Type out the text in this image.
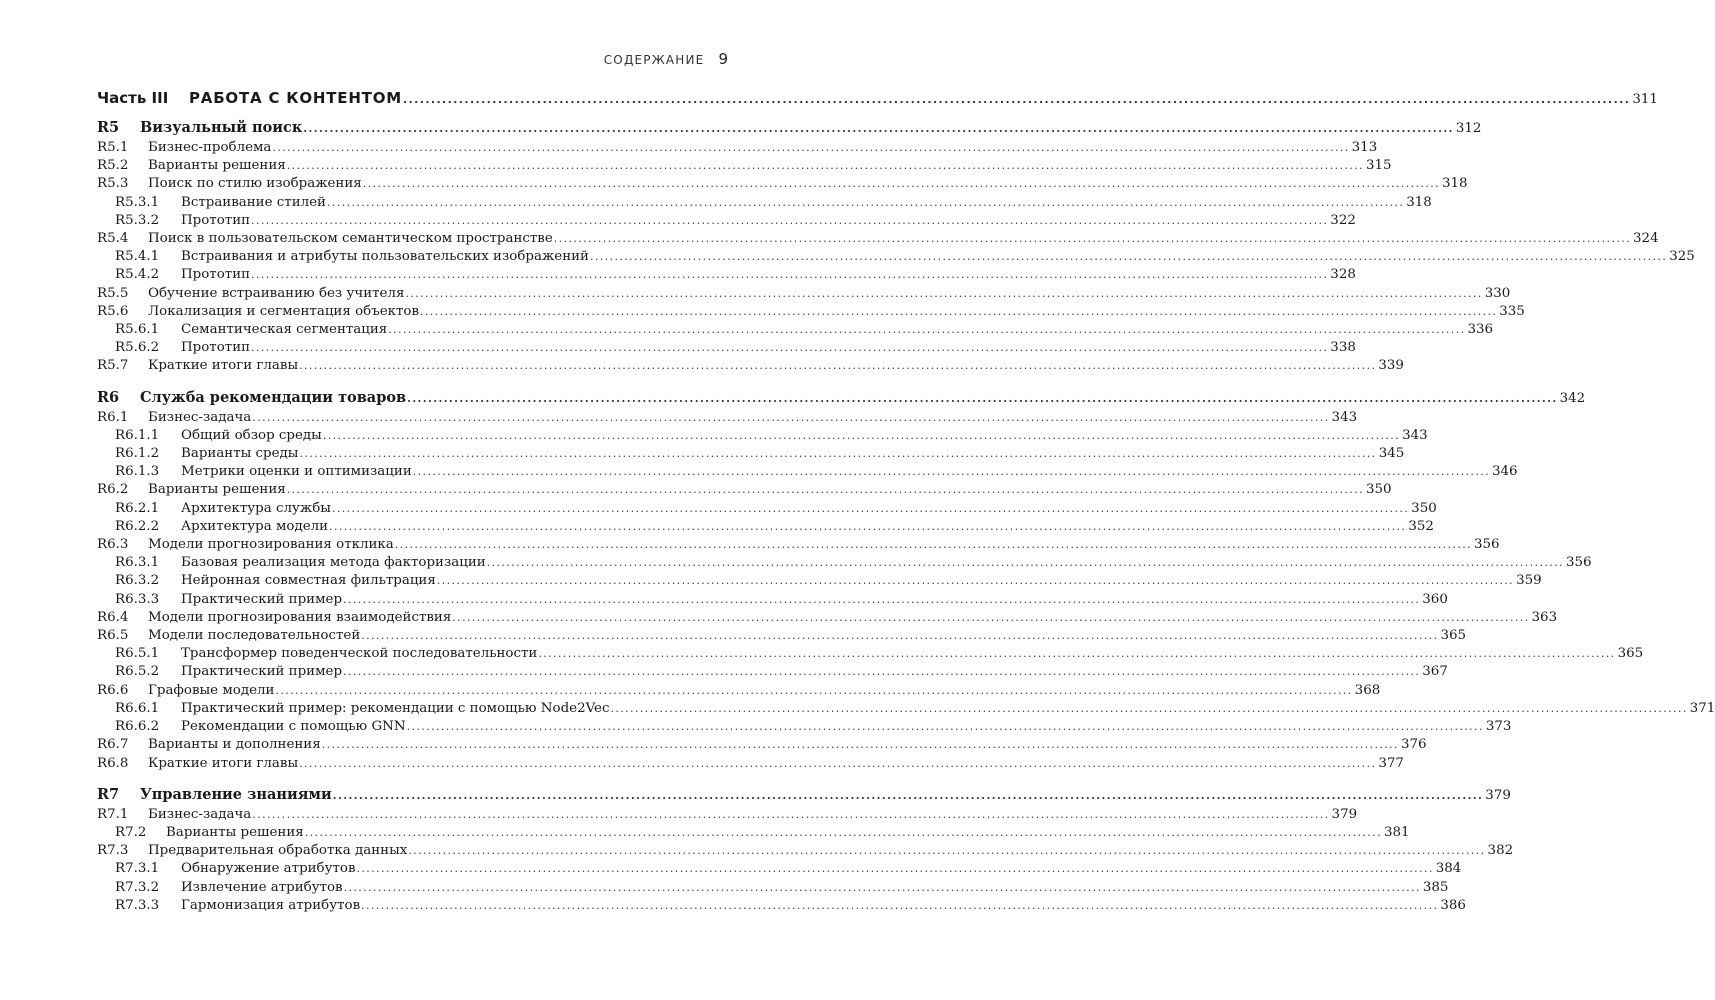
СОДЕРЖАНИЕ 9
Часть III	РАБОТА С КОНТЕНТОМ ............................................................................................................................................................................................................................ 311
R5	Визуальный поиск ............................................................................................................................................................................................................................ 312
R5.1	Бизнес-проблема ............................................................................................................................................................................................................................ 313
R5.2	Варианты решения ............................................................................................................................................................................................................................ 315
R5.3	Поиск по стилю изображения ............................................................................................................................................................................................................................ 318
R5.3.1	Встраивание стилей ............................................................................................................................................................................................................................ 318
R5.3.2	Прототип ............................................................................................................................................................................................................................ 322
R5.4	Поиск в пользовательском семантическом пространстве ............................................................................................................................................................................................................................ 324
R5.4.1	Встраивания и атрибуты пользовательских изображений ............................................................................................................................................................................................................................ 325
R5.4.2	Прототип ............................................................................................................................................................................................................................ 328
R5.5	Обучение встраиванию без учителя ............................................................................................................................................................................................................................ 330
R5.6	Локализация и сегментация объектов ............................................................................................................................................................................................................................ 335
R5.6.1	Семантическая сегментация ............................................................................................................................................................................................................................ 336
R5.6.2	Прототип ............................................................................................................................................................................................................................ 338
R5.7	Краткие итоги главы ............................................................................................................................................................................................................................ 339
R6	Служба рекомендации товаров ............................................................................................................................................................................................................................ 342
R6.1	Бизнес-задача ............................................................................................................................................................................................................................ 343
R6.1.1	Общий обзор среды ............................................................................................................................................................................................................................ 343
R6.1.2	Варианты среды ............................................................................................................................................................................................................................ 345
R6.1.3	Метрики оценки и оптимизации ............................................................................................................................................................................................................................ 346
R6.2	Варианты решения ............................................................................................................................................................................................................................ 350
R6.2.1	Архитектура службы ............................................................................................................................................................................................................................ 350
R6.2.2	Архитектура модели ............................................................................................................................................................................................................................ 352
R6.3	Модели прогнозирования отклика ............................................................................................................................................................................................................................ 356
R6.3.1	Базовая реализация метода факторизации ............................................................................................................................................................................................................................ 356
R6.3.2	Нейронная совместная фильтрация ............................................................................................................................................................................................................................ 359
R6.3.3	Практический пример ............................................................................................................................................................................................................................ 360
R6.4	Модели прогнозирования взаимодействия ............................................................................................................................................................................................................................ 363
R6.5	Модели последовательностей ............................................................................................................................................................................................................................ 365
R6.5.1	Трансформер поведенческой последовательности ............................................................................................................................................................................................................................ 365
R6.5.2	Практический пример ............................................................................................................................................................................................................................ 367
R6.6	Графовые модели ............................................................................................................................................................................................................................ 368
R6.6.1	Практический пример: рекомендации с помощью Node2Vec ............................................................................................................................................................................................................................ 371
R6.6.2	Рекомендации с помощью GNN ............................................................................................................................................................................................................................ 373
R6.7	Варианты и дополнения ............................................................................................................................................................................................................................ 376
R6.8	Краткие итоги главы ............................................................................................................................................................................................................................ 377
R7	Управление знаниями ............................................................................................................................................................................................................................ 379
R7.1	Бизнес-задача ............................................................................................................................................................................................................................ 379
R7.2	Варианты решения ............................................................................................................................................................................................................................ 381
R7.3	Предварительная обработка данных ............................................................................................................................................................................................................................ 382
R7.3.1	Обнаружение атрибутов ............................................................................................................................................................................................................................ 384
R7.3.2	Извлечение атрибутов ............................................................................................................................................................................................................................ 385
R7.3.3	Гармонизация атрибутов ............................................................................................................................................................................................................................ 386
